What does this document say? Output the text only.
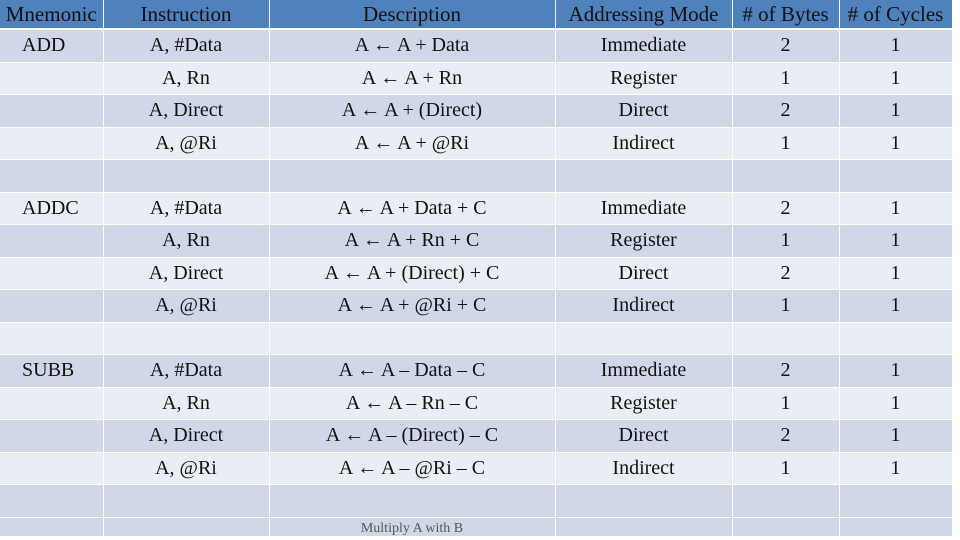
Mnemonic	Instruction	Description	Addressing Mode	# of Bytes	# of Cycles
ADD	A, #Data	A ← A + Data	Immediate	2	1
	A, Rn	A ← A + Rn	Register	1	1
	A, Direct	A ← A + (Direct)	Direct	2	1
	A, @Ri	A ← A + @Ri	Indirect	1	1

ADDC	A, #Data	A ← A + Data + C	Immediate	2	1
	A, Rn	A ← A + Rn + C	Register	1	1
	A, Direct	A ← A + (Direct) + C	Direct	2	1
	A, @Ri	A ← A + @Ri + C	Indirect	1	1

SUBB	A, #Data	A ← A – Data – C	Immediate	2	1
	A, Rn	A ← A – Rn – C	Register	1	1
	A, Direct	A ← A – (Direct) – C	Direct	2	1
	A, @Ri	A ← A – @Ri – C	Indirect	1	1

		Multiply A with B			
